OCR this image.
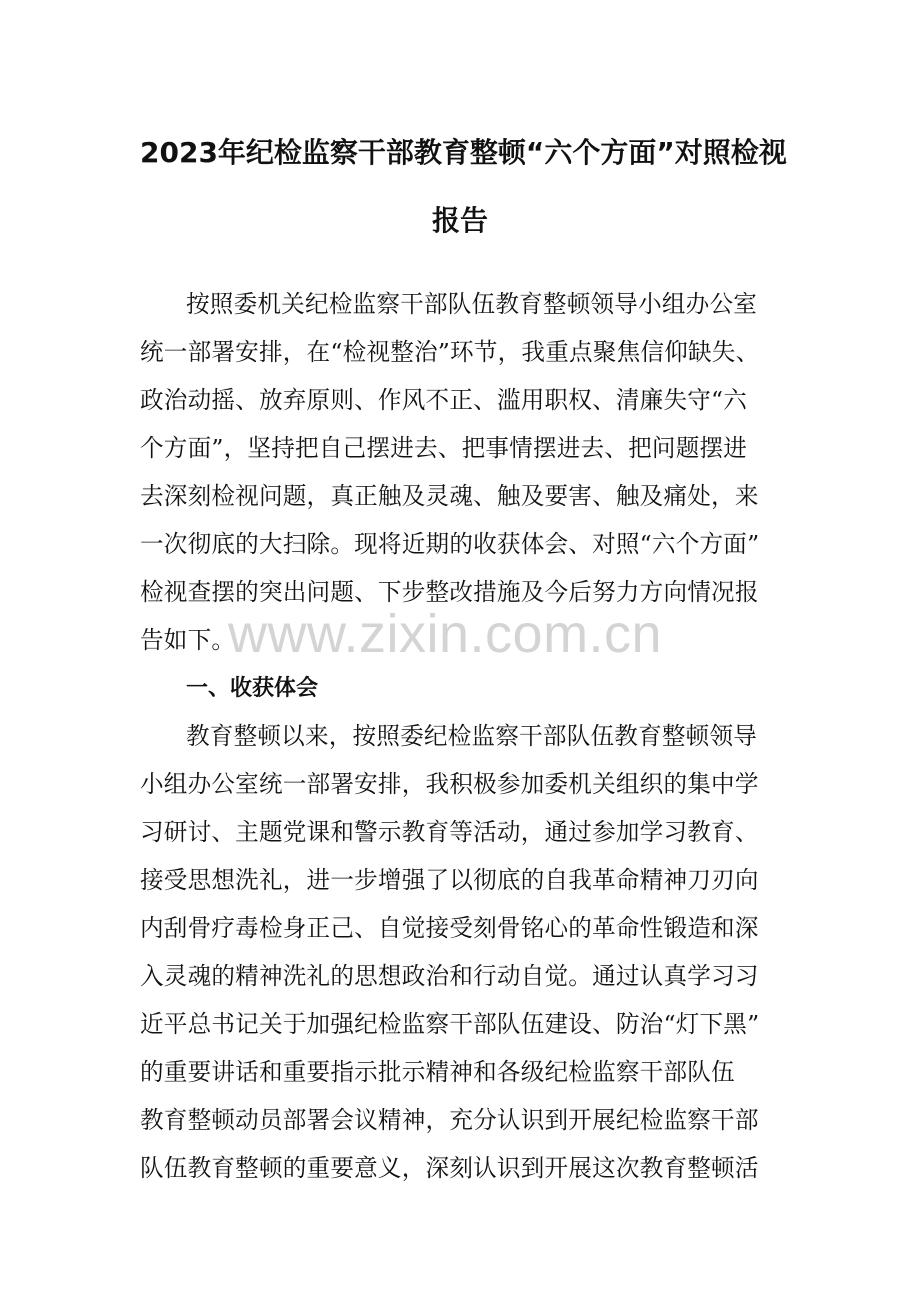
2023年纪检监察干部教育整顿“六个方面”对照检视
报告
按照委机关纪检监察干部队伍教育整顿领导小组办公室
统一部署安排，在“检视整治”环节，我重点聚焦信仰缺失、
政治动摇、放弃原则、作风不正、滥用职权、清廉失守“六
个方面”，坚持把自己摆进去、把事情摆进去、把问题摆进
去深刻检视问题，真正触及灵魂、触及要害、触及痛处，来
一次彻底的大扫除。现将近期的收获体会、对照“六个方面”
检视查摆的突出问题、下步整改措施及今后努力方向情况报
告如下。
www.zixin.com.cn
一、收获体会
教育整顿以来，按照委纪检监察干部队伍教育整顿领导
小组办公室统一部署安排，我积极参加委机关组织的集中学
习研讨、主题党课和警示教育等活动，通过参加学习教育、
接受思想洗礼，进一步增强了以彻底的自我革命精神刀刃向
内刮骨疗毒检身正己、自觉接受刻骨铭心的革命性锻造和深
入灵魂的精神洗礼的思想政治和行动自觉。通过认真学习习
近平总书记关于加强纪检监察干部队伍建设、防治“灯下黑”
的重要讲话和重要指示批示精神和各级纪检监察干部队伍
教育整顿动员部署会议精神，充分认识到开展纪检监察干部
队伍教育整顿的重要意义，深刻认识到开展这次教育整顿活
